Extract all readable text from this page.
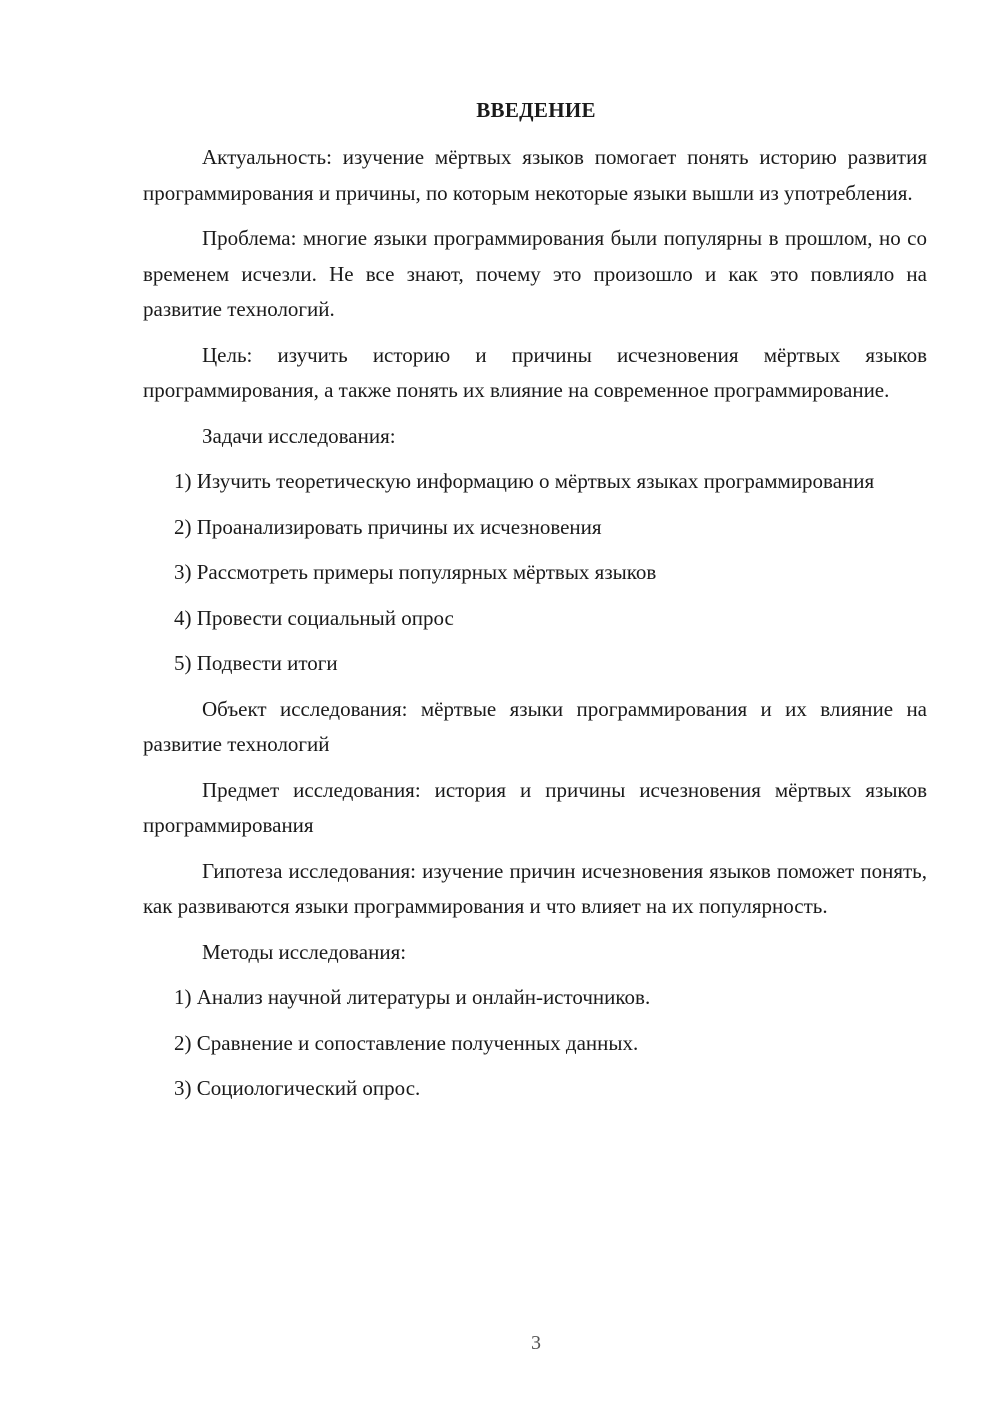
ВВЕДЕНИЕ

Актуальность: изучение мёртвых языков помогает понять историю развития программирования и причины, по которым некоторые языки вышли из употребления.

Проблема: многие языки программирования были популярны в прошлом, но со временем исчезли. Не все знают, почему это произошло и как это повлияло на развитие технологий.

Цель: изучить историю и причины исчезновения мёртвых языков программирования, а также понять их влияние на современное программирование.

Задачи исследования:

1) Изучить теоретическую информацию о мёртвых языках программирования

2) Проанализировать причины их исчезновения

3) Рассмотреть примеры популярных мёртвых языков

4) Провести социальный опрос

5) Подвести итоги

Объект исследования: мёртвые языки программирования и их влияние на развитие технологий

Предмет исследования: история и причины исчезновения мёртвых языков программирования

Гипотеза исследования: изучение причин исчезновения языков поможет понять, как развиваются языки программирования и что влияет на их популярность.

Методы исследования:

1) Анализ научной литературы и онлайн-источников.

2) Сравнение и сопоставление полученных данных.

3) Социологический опрос.

3
